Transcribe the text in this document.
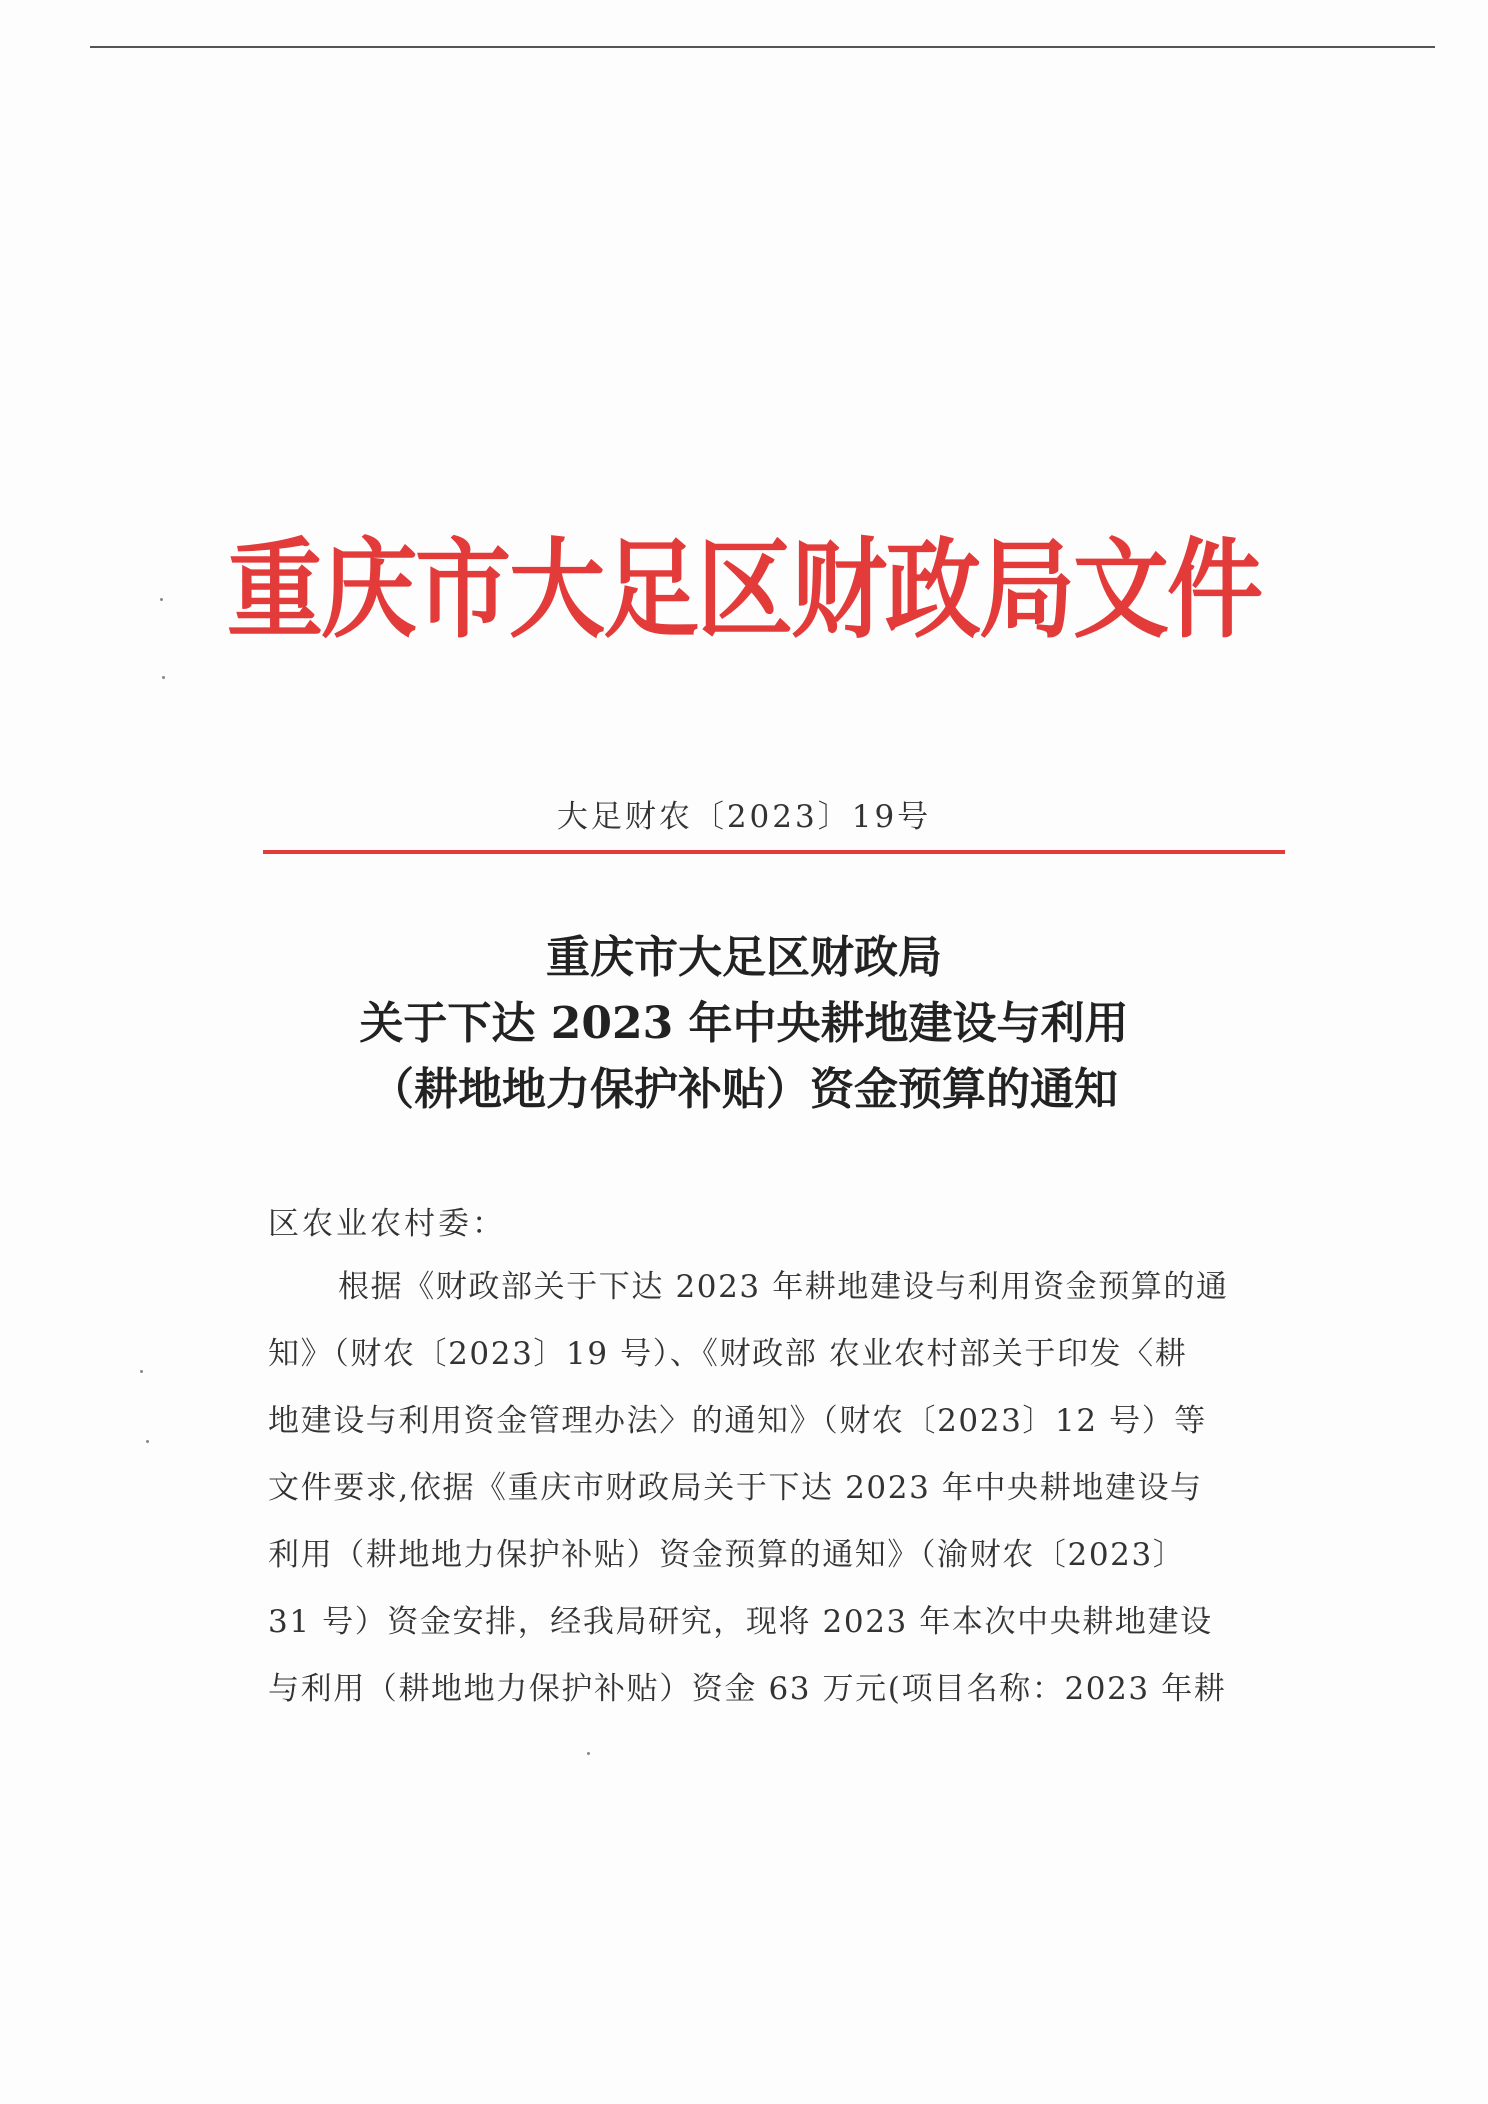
重庆市大足区财政局文件
大足财农〔2023〕19号
重庆市大足区财政局
关于下达 2023 年中央耕地建设与利用
（耕地地力保护补贴）资金预算的通知
区农业农村委：
根据《财政部关于下达 2023 年耕地建设与利用资金预算的通
知》（财农〔2023〕19 号）、《财政部 农业农村部关于印发〈耕
地建设与利用资金管理办法〉的通知》（财农〔2023〕12 号）等
文件要求,依据《重庆市财政局关于下达 2023 年中央耕地建设与
利用（耕地地力保护补贴）资金预算的通知》（渝财农〔2023〕
31 号）资金安排，经我局研究，现将 2023 年本次中央耕地建设
与利用（耕地地力保护补贴）资金 63 万元(项目名称：2023 年耕
